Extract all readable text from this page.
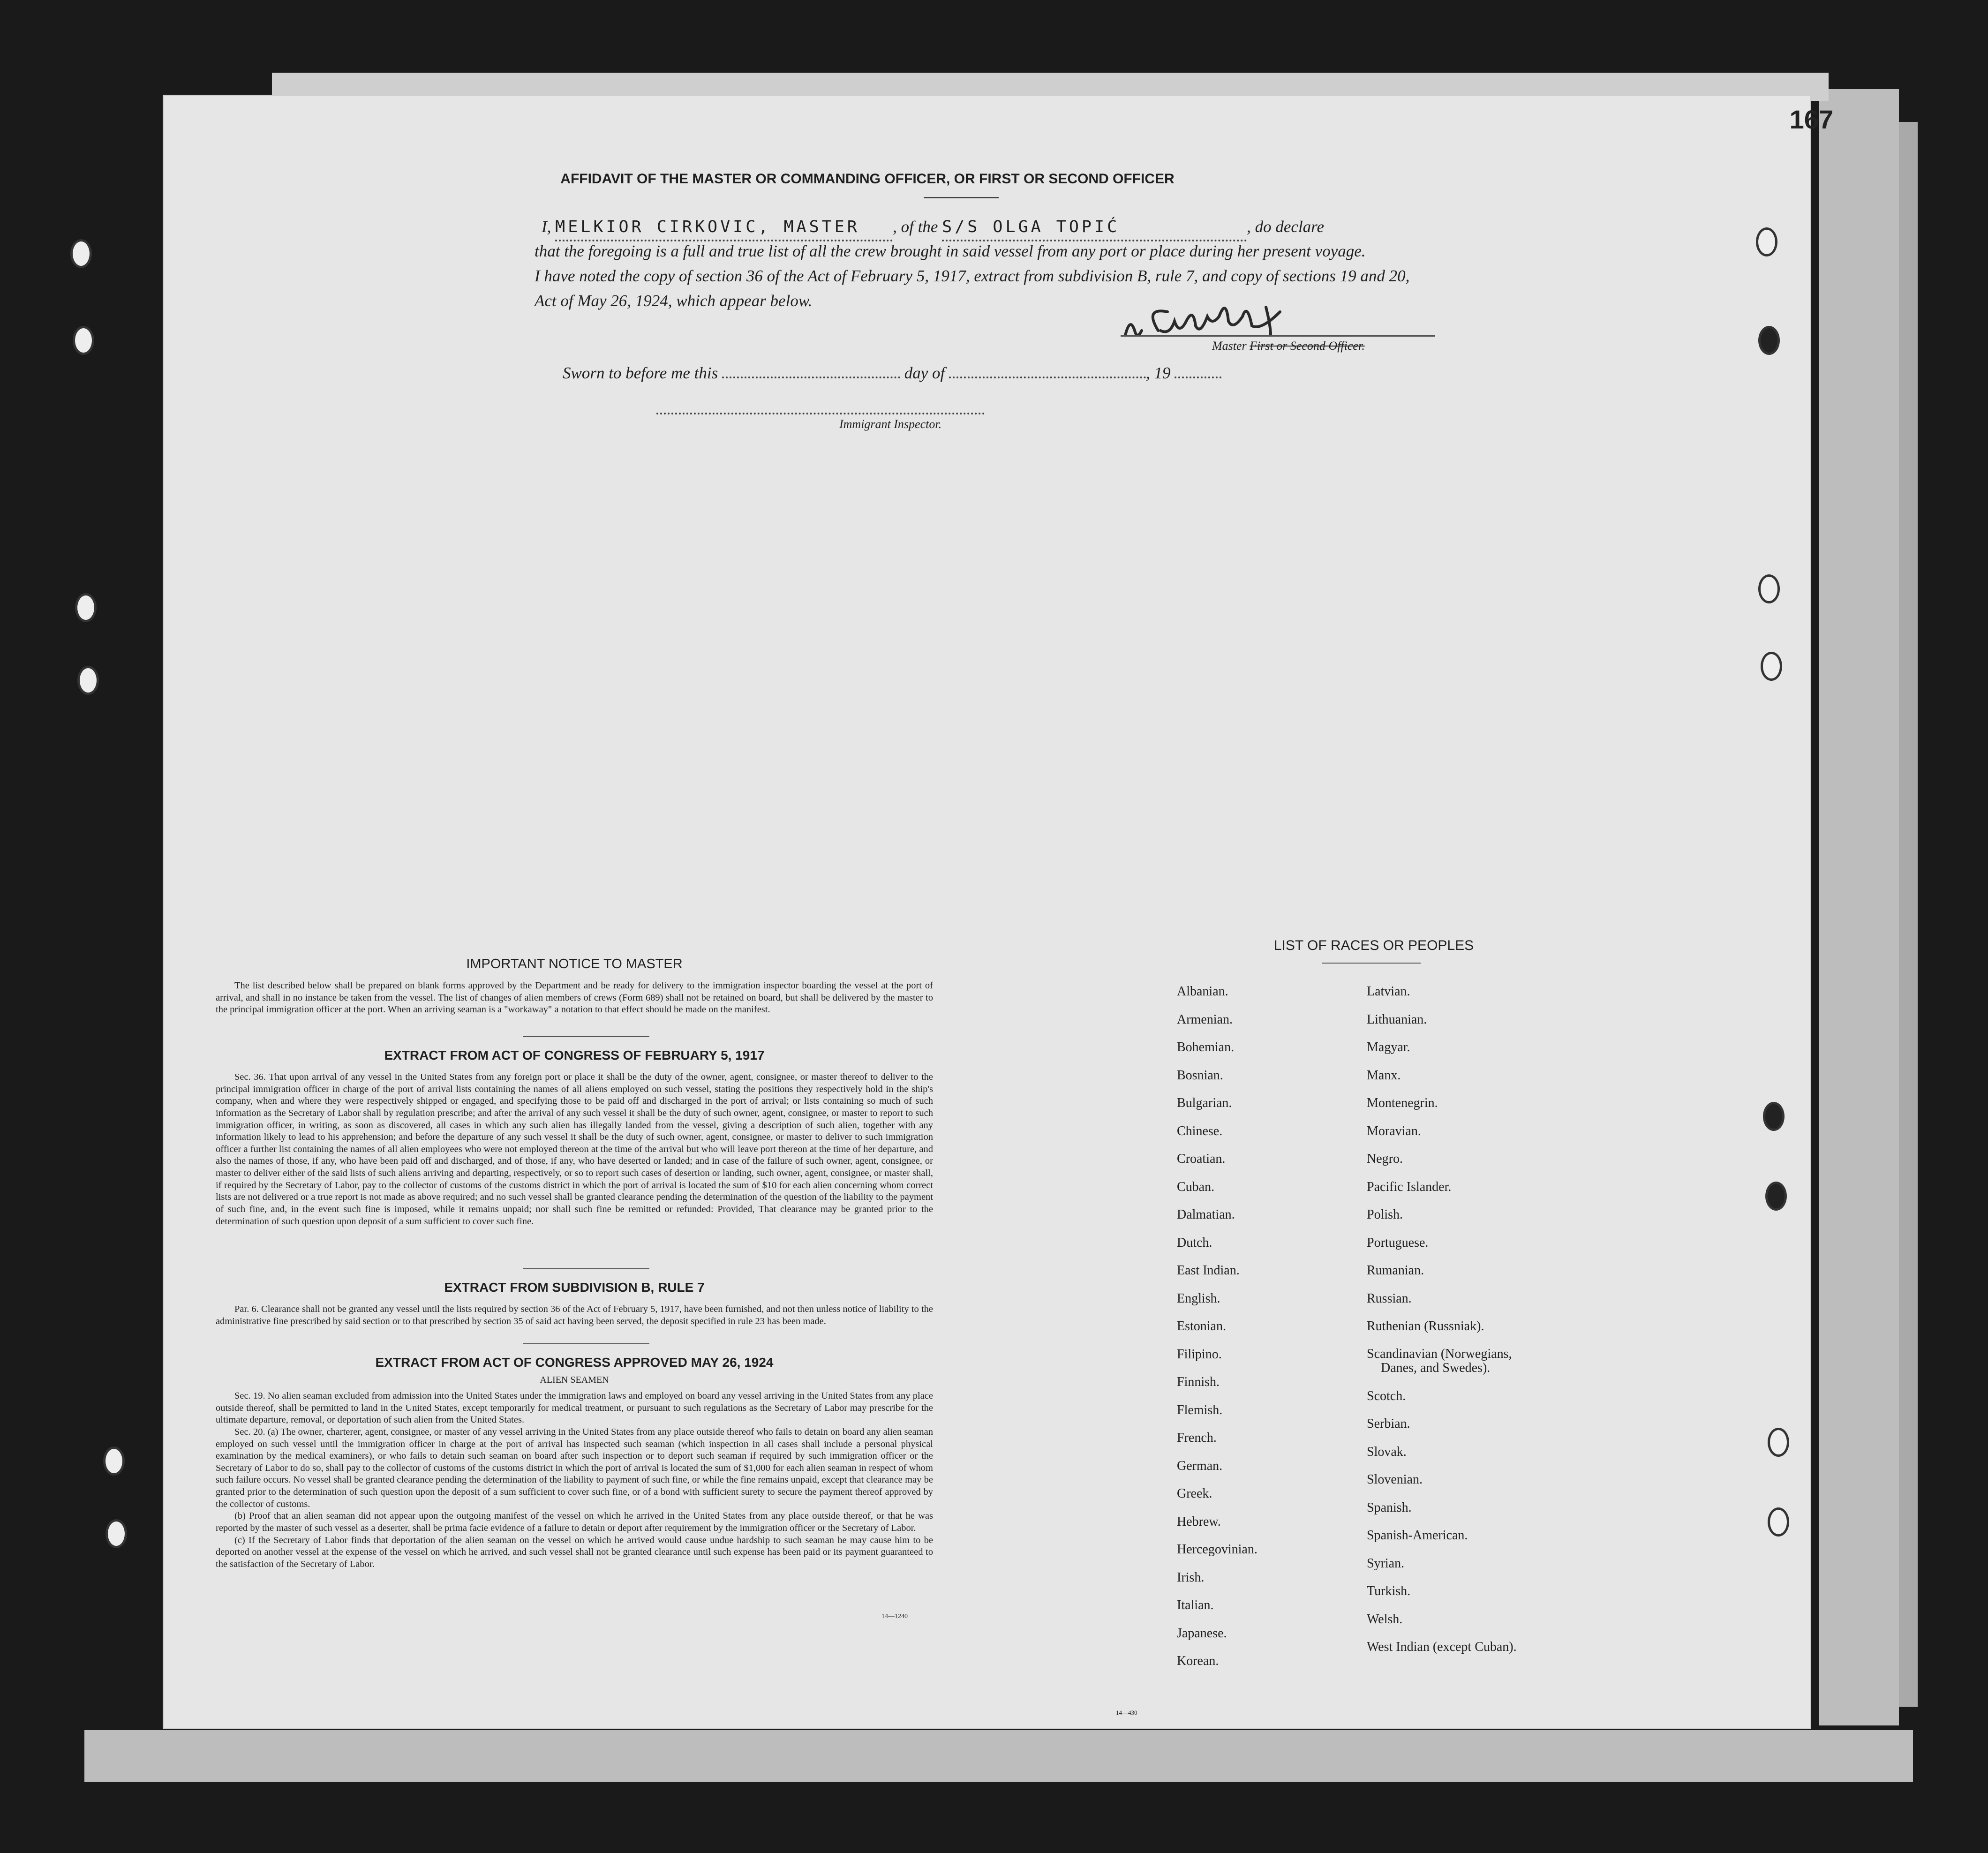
AFFIDAVIT OF THE MASTER OR COMMANDING OFFICER, OR FIRST OR SECOND OFFICER
I, MELKIOR CIRKOVIC, MASTER , of the S/S OLGA TOPIĆ	, do declare
that the foregoing is a full and true list of all the crew brought in said vessel from any port or place during her present voyage.
I have noted the copy of section 36 of the Act of February 5, 1917, extract from subdivision B, rule 7, and copy of sections 19 and 20,
Act of May 26, 1924, which appear below.
Master First or Second Officer.
Sworn to before me this	day of	, 19
Immigrant Inspector.
IMPORTANT NOTICE TO MASTER

The list described below shall be prepared on blank forms approved by the Department and be ready for delivery to the immigration inspector boarding the vessel at the port of arrival, and shall in no instance be taken from the vessel. The list of changes of alien members of crews (Form 689) shall not be retained on board, but shall be delivered by the master to the principal immigration officer at the port. When an arriving seaman is a "workaway" a notation to that effect should be made on the manifest.

EXTRACT FROM ACT OF CONGRESS OF FEBRUARY 5, 1917

Sec. 36. That upon arrival of any vessel in the United States from any foreign port or place it shall be the duty of the owner, agent, consignee, or master thereof to deliver to the principal immigration officer in charge of the port of arrival lists containing the names of all aliens employed on such vessel, stating the positions they respectively hold in the ship's company, when and where they were respectively shipped or engaged, and specifying those to be paid off and discharged in the port of arrival; or lists containing so much of such information as the Secretary of Labor shall by regulation prescribe; and after the arrival of any such vessel it shall be the duty of such owner, agent, consignee, or master to report to such immigration officer, in writing, as soon as discovered, all cases in which any such alien has illegally landed from the vessel, giving a description of such alien, together with any information likely to lead to his apprehension; and before the departure of any such vessel it shall be the duty of such owner, agent, consignee, or master to deliver to such immigration officer a further list containing the names of all alien employees who were not employed thereon at the time of the arrival but who will leave port thereon at the time of her departure, and also the names of those, if any, who have been paid off and discharged, and of those, if any, who have deserted or landed; and in case of the failure of such owner, agent, consignee, or master to deliver either of the said lists of such aliens arriving and departing, respectively, or so to report such cases of desertion or landing, such owner, agent, consignee, or master shall, if required by the Secretary of Labor, pay to the collector of customs of the customs district in which the port of arrival is located the sum of $10 for each alien concerning whom correct lists are not delivered or a true report is not made as above required; and no such vessel shall be granted clearance pending the determination of the question of the liability to the payment of such fine, and, in the event such fine is imposed, while it remains unpaid; nor shall such fine be remitted or refunded: Provided, That clearance may be granted prior to the determination of such question upon deposit of a sum sufficient to cover such fine.

EXTRACT FROM SUBDIVISION B, RULE 7

Par. 6. Clearance shall not be granted any vessel until the lists required by section 36 of the Act of February 5, 1917, have been furnished, and not then unless notice of liability to the administrative fine prescribed by said section or to that prescribed by section 35 of said act having been served, the deposit specified in rule 23 has been made.

EXTRACT FROM ACT OF CONGRESS APPROVED MAY 26, 1924
ALIEN SEAMEN

Sec. 19. No alien seaman excluded from admission into the United States under the immigration laws and employed on board any vessel arriving in the United States from any place outside thereof, shall be permitted to land in the United States, except temporarily for medical treatment, or pursuant to such regulations as the Secretary of Labor may prescribe for the ultimate departure, removal, or deportation of such alien from the United States.

Sec. 20. (a) The owner, charterer, agent, consignee, or master of any vessel arriving in the United States from any place outside thereof who fails to detain on board any alien seaman employed on such vessel until the immigration officer in charge at the port of arrival has inspected such seaman (which inspection in all cases shall include a personal physical examination by the medical examiners), or who fails to detain such seaman on board after such inspection or to deport such seaman if required by such immigration officer or the Secretary of Labor to do so, shall pay to the collector of customs of the customs district in which the port of arrival is located the sum of $1,000 for each alien seaman in respect of whom such failure occurs. No vessel shall be granted clearance pending the determination of the liability to payment of such fine, or while the fine remains unpaid, except that clearance may be granted prior to the determination of such question upon the deposit of a sum sufficient to cover such fine, or of a bond with sufficient surety to secure the payment thereof approved by the collector of customs.

(b) Proof that an alien seaman did not appear upon the outgoing manifest of the vessel on which he arrived in the United States from any place outside thereof, or that he was reported by the master of such vessel as a deserter, shall be prima facie evidence of a failure to detain or deport after requirement by the immigration officer or the Secretary of Labor.

(c) If the Secretary of Labor finds that deportation of the alien seaman on the vessel on which he arrived would cause undue hardship to such seaman he may cause him to be deported on another vessel at the expense of the vessel on which he arrived, and such vessel shall not be granted clearance until such expense has been paid or its payment guaranteed to the satisfaction of the Secretary of Labor.

14—1240
LIST OF RACES OR PEOPLES
Albanian.
Armenian.
Bohemian.
Bosnian.
Bulgarian.
Chinese.
Croatian.
Cuban.
Dalmatian.
Dutch.
East Indian.
English.
Estonian.
Filipino.
Finnish.
Flemish.
French.
German.
Greek.
Hebrew.
Hercegovinian.
Irish.
Italian.
Japanese.
Korean.
Latvian.
Lithuanian.
Magyar.
Manx.
Montenegrin.
Moravian.
Negro.
Pacific Islander.
Polish.
Portuguese.
Rumanian.
Russian.
Ruthenian (Russniak).
Scandinavian (Norwegians,
Danes, and Swedes).
Scotch.
Serbian.
Slovak.
Slovenian.
Spanish.
Spanish-American.
Syrian.
Turkish.
Welsh.
West Indian (except Cuban).
14—430
167
